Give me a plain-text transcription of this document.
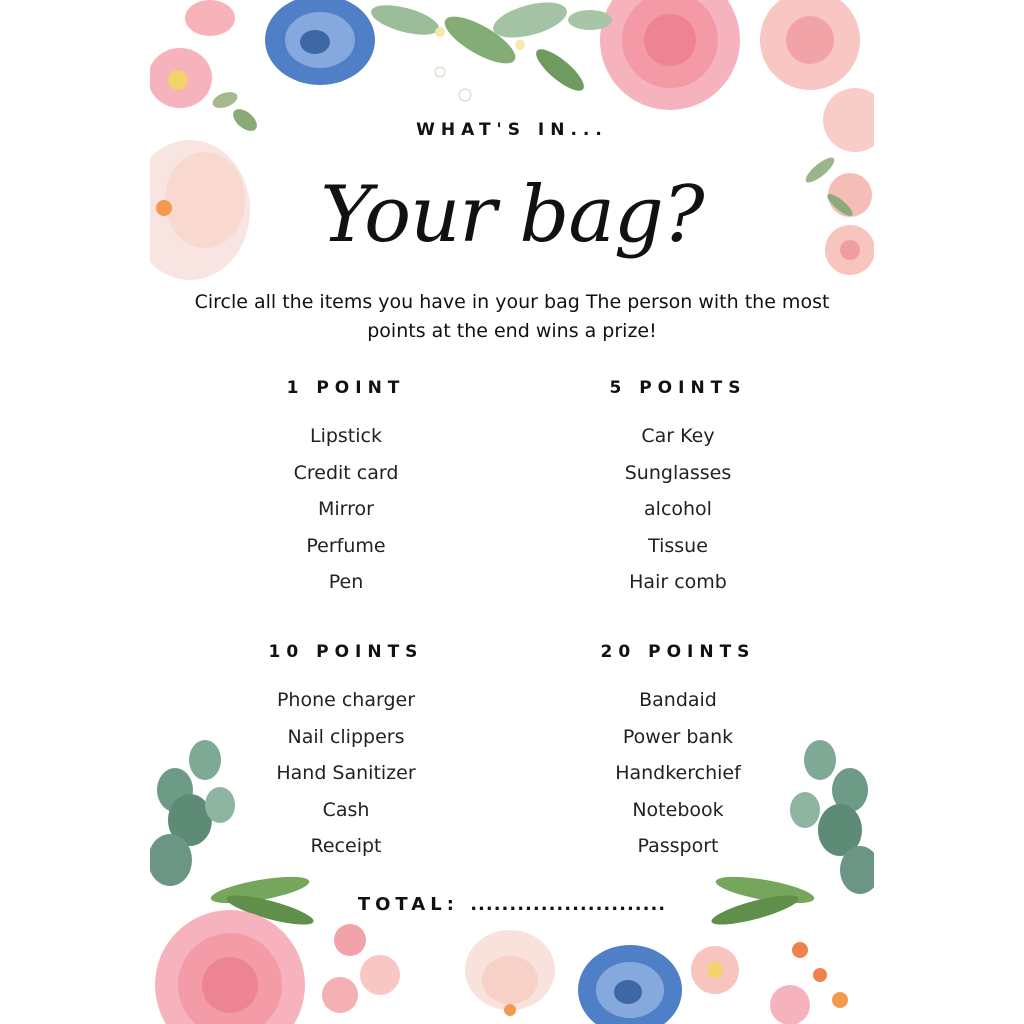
WHAT'S IN...
Your bag?
Circle all the items you have in your bag The person with the most points at the end wins a prize!
1 POINT
Lipstick
Credit card
Mirror
Perfume
Pen
5 POINTS
Car Key
Sunglasses
alcohol
Tissue
Hair comb
10 POINTS
Phone charger
Nail clippers
Hand Sanitizer
Cash
Receipt
20 POINTS
Bandaid
Power bank
Handkerchief
Notebook
Passport
TOTAL: .........................
